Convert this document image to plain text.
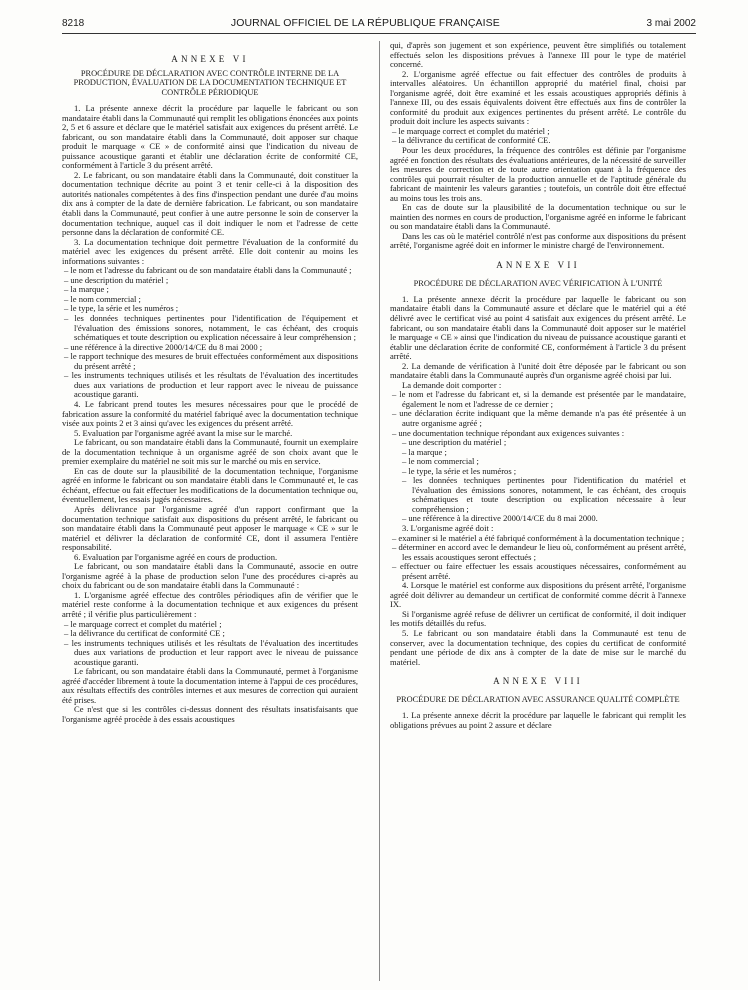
8218	JOURNAL OFFICIEL DE LA RÉPUBLIQUE FRANÇAISE	3 mai 2002
ANNEXE VI
PROCÉDURE DE DÉCLARATION AVEC CONTRÔLE INTERNE DE LA PRODUCTION, ÉVALUATION DE LA DOCUMENTATION TECHNIQUE ET CONTRÔLE PÉRIODIQUE

1. La présente annexe décrit la procédure par laquelle le fabricant ou son mandataire établi dans la Communauté qui remplit les obligations énoncées aux points 2, 5 et 6 assure et déclare que le matériel satisfait aux exigences du présent arrêté. Le fabricant, ou son mandataire établi dans la Communauté, doit apposer sur chaque produit le marquage « CE » de conformité ainsi que l'indication du niveau de puissance acoustique garanti et établir une déclaration écrite de conformité CE, conformément à l'article 3 du présent arrêté.

2. Le fabricant, ou son mandataire établi dans la Communauté, doit constituer la documentation technique décrite au point 3 et tenir celle-ci à la disposition des autorités nationales compétentes à des fins d'inspection pendant une durée d'au moins dix ans à compter de la date de dernière fabrication. Le fabricant, ou son mandataire établi dans la Communauté, peut confier à une autre personne le soin de conserver la documentation technique, auquel cas il doit indiquer le nom et l'adresse de cette personne dans la déclaration de conformité CE.

3. La documentation technique doit permettre l'évaluation de la conformité du matériel avec les exigences du présent arrêté. Elle doit contenir au moins les informations suivantes :

– le nom et l'adresse du fabricant ou de son mandataire établi dans la Communauté ;

– une description du matériel ;

– la marque ;

– le nom commercial ;

– le type, la série et les numéros ;

– les données techniques pertinentes pour l'identification de l'équipement et l'évaluation des émissions sonores, notamment, le cas échéant, des croquis schématiques et toute description ou explication nécessaire à leur compréhension ;

– une référence à la directive 2000/14/CE du 8 mai 2000 ;

– le rapport technique des mesures de bruit effectuées conformément aux dispositions du présent arrêté ;

– les instruments techniques utilisés et les résultats de l'évaluation des incertitudes dues aux variations de production et leur rapport avec le niveau de puissance acoustique garanti.

4. Le fabricant prend toutes les mesures nécessaires pour que le procédé de fabrication assure la conformité du matériel fabriqué avec la documentation technique visée aux points 2 et 3 ainsi qu'avec les exigences du présent arrêté.

5. Evaluation par l'organisme agréé avant la mise sur le marché.

Le fabricant, ou son mandataire établi dans la Communauté, fournit un exemplaire de la documentation technique à un organisme agréé de son choix avant que le premier exemplaire du matériel ne soit mis sur le marché ou mis en service.

En cas de doute sur la plausibilité de la documentation technique, l'organisme agréé en informe le fabricant ou son mandataire établi dans le Communauté et, le cas échéant, effectue ou fait effectuer les modifications de la documentation technique ou, éventuellement, les essais jugés nécessaires.

Après délivrance par l'organisme agréé d'un rapport confirmant que la documentation technique satisfait aux dispositions du présent arrêté, le fabricant ou son mandataire établi dans la Communauté peut apposer le marquage « CE » sur le matériel et délivrer la déclaration de conformité CE, dont il assumera l'entière responsabilité.

6. Evaluation par l'organisme agréé en cours de production.

Le fabricant, ou son mandataire établi dans la Communauté, associe en outre l'organisme agréé à la phase de production selon l'une des procédures ci-après au choix du fabricant ou de son mandataire établi dans la Communauté :

1. L'organisme agréé effectue des contrôles périodiques afin de vérifier que le matériel reste conforme à la documentation technique et aux exigences du présent arrêté ; il vérifie plus particulièrement :

– le marquage correct et complet du matériel ;

– la délivrance du certificat de conformité CE ;

– les instruments techniques utilisés et les résultats de l'évaluation des incertitudes dues aux variations de production et leur rapport avec le niveau de puissance acoustique garanti.

Le fabricant, ou son mandataire établi dans la Communauté, permet à l'organisme agréé d'accéder librement à toute la documentation interne à l'appui de ces procédures, aux résultats effectifs des contrôles internes et aux mesures de correction qui auraient été prises.

Ce n'est que si les contrôles ci-dessus donnent des résultats insatisfaisants que l'organisme agréé procède à des essais acoustiques

qui, d'après son jugement et son expérience, peuvent être simplifiés ou totalement effectués selon les dispositions prévues à l'annexe III pour le type de matériel concerné.

2. L'organisme agréé effectue ou fait effectuer des contrôles de produits à intervalles aléatoires. Un échantillon approprié du matériel final, choisi par l'organisme agréé, doit être examiné et les essais acoustiques appropriés définis à l'annexe III, ou des essais équivalents doivent être effectués aux fins de contrôler la conformité du produit aux exigences pertinentes du présent arrêté. Le contrôle du produit doit inclure les aspects suivants :

– le marquage correct et complet du matériel ;

– la délivrance du certificat de conformité CE.

Pour les deux procédures, la fréquence des contrôles est définie par l'organisme agréé en fonction des résultats des évaluations antérieures, de la nécessité de surveiller les mesures de correction et de toute autre orientation quant à la fréquence des contrôles qui pourrait résulter de la production annuelle et de l'aptitude générale du fabricant de maintenir les valeurs garanties ; toutefois, un contrôle doit être effectué au moins tous les trois ans.

En cas de doute sur la plausibilité de la documentation technique ou sur le maintien des normes en cours de production, l'organisme agréé en informe le fabricant ou son mandataire établi dans la Communauté.

Dans les cas où le matériel contrôlé n'est pas conforme aux dispositions du présent arrêté, l'organisme agréé doit en informer le ministre chargé de l'environnement.

ANNEXE VII
PROCÉDURE DE DÉCLARATION AVEC VÉRIFICATION À L'UNITÉ

1. La présente annexe décrit la procédure par laquelle le fabricant ou son mandataire établi dans la Communauté assure et déclare que le matériel qui a été délivré avec le certificat visé au point 4 satisfait aux exigences du présent arrêté. Le fabricant, ou son mandataire établi dans la Communauté doit apposer sur le matériel le marquage « CE » ainsi que l'indication du niveau de puissance acoustique garanti et établir une déclaration écrite de conformité CE, conformément à l'article 3 du présent arrêté.

2. La demande de vérification à l'unité doit être déposée par le fabricant ou son mandataire établi dans la Communauté auprès d'un organisme agréé choisi par lui.

La demande doit comporter :

– le nom et l'adresse du fabricant et, si la demande est présentée par le mandataire, également le nom et l'adresse de ce dernier ;

– une déclaration écrite indiquant que la même demande n'a pas été présentée à un autre organisme agréé ;

– une documentation technique répondant aux exigences suivantes :

– une description du matériel ;

– la marque ;

– le nom commercial ;

– le type, la série et les numéros ;

– les données techniques pertinentes pour l'identification du matériel et l'évaluation des émissions sonores, notamment, le cas échéant, des croquis schématiques et toute description ou explication nécessaire à leur compréhension ;

– une référence à la directive 2000/14/CE du 8 mai 2000.

3. L'organisme agréé doit :

– examiner si le matériel a été fabriqué conformément à la documentation technique ;

– déterminer en accord avec le demandeur le lieu où, conformément au présent arrêté, les essais acoustiques seront effectués ;

– effectuer ou faire effectuer les essais acoustiques nécessaires, conformément au présent arrêté.

4. Lorsque le matériel est conforme aux dispositions du présent arrêté, l'organisme agréé doit délivrer au demandeur un certificat de conformité comme décrit à l'annexe IX.

Si l'organisme agréé refuse de délivrer un certificat de conformité, il doit indiquer les motifs détaillés du refus.

5. Le fabricant ou son mandataire établi dans la Communauté est tenu de conserver, avec la documentation technique, des copies du certificat de conformité pendant une période de dix ans à compter de la date de mise sur le marché du matériel.

ANNEXE VIII
PROCÉDURE DE DÉCLARATION AVEC ASSURANCE QUALITÉ COMPLÈTE

1. La présente annexe décrit la procédure par laquelle le fabricant qui remplit les obligations prévues au point 2 assure et déclare
